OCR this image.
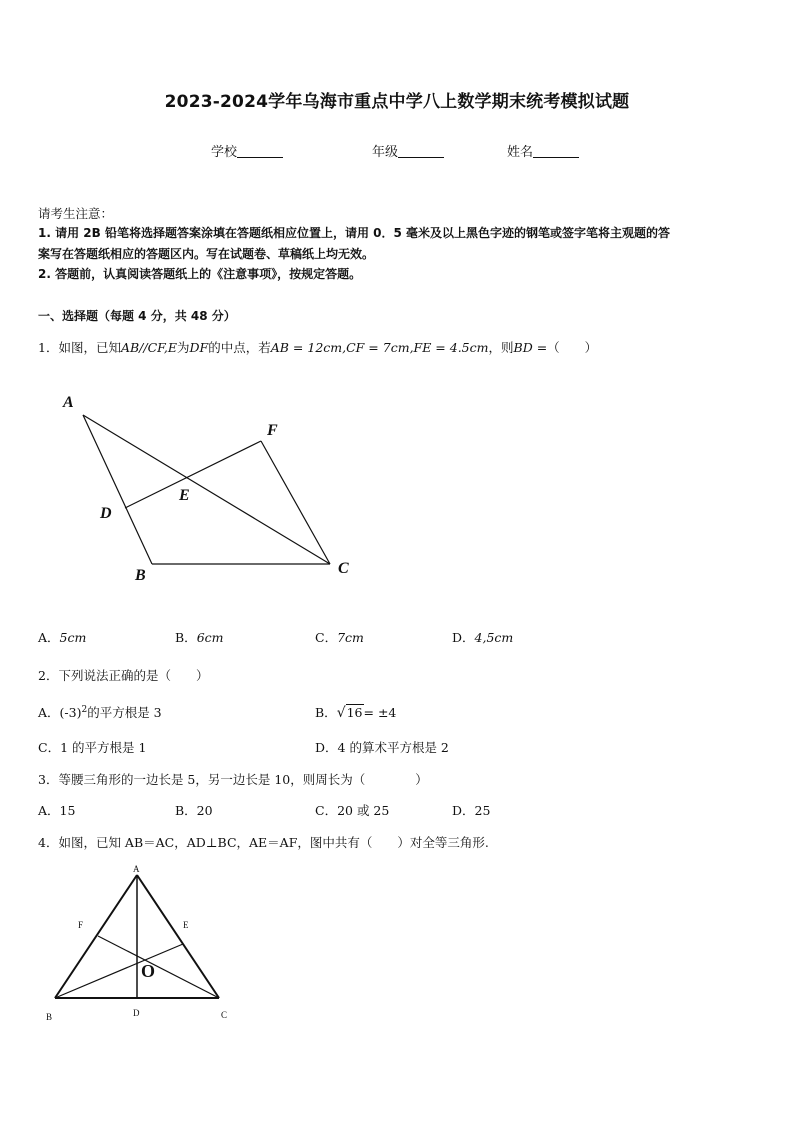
2023-2024学年乌海市重点中学八上数学期末统考模拟试题
学校	年级	姓名
请考生注意：
1. 请用 2B 铅笔将选择题答案涂填在答题纸相应位置上，请用 0．5 毫米及以上黑色字迹的钢笔或签字笔将主观题的答
案写在答题纸相应的答题区内。写在试题卷、草稿纸上均无效。
2. 答题前，认真阅读答题纸上的《注意事项》，按规定答题。
一、选择题（每题 4 分，共 48 分）
1．如图，已知AB//CF,E为DF的中点，若AB = 12cm,CF = 7cm,FE = 4.5cm，则BD =（　　）
A
F
E
D
B	C
A．5cm	B．6cm	C．7cm	D．4,5cm
2．下列说法正确的是（　　）
A．$(-3)^2$的平方根是 3	B．√16= ±4
C．1 的平方根是 1	D．4 的算术平方根是 2
3．等腰三角形的一边长是 5，另一边长是 10，则周长为（　　　　）
A．15	B．20	C．20 或 25	D．25
4．如图，已知 AB＝AC，AD⊥BC，AE＝AF，图中共有（　　）对全等三角形.
A
F	E
B	D	C
O
